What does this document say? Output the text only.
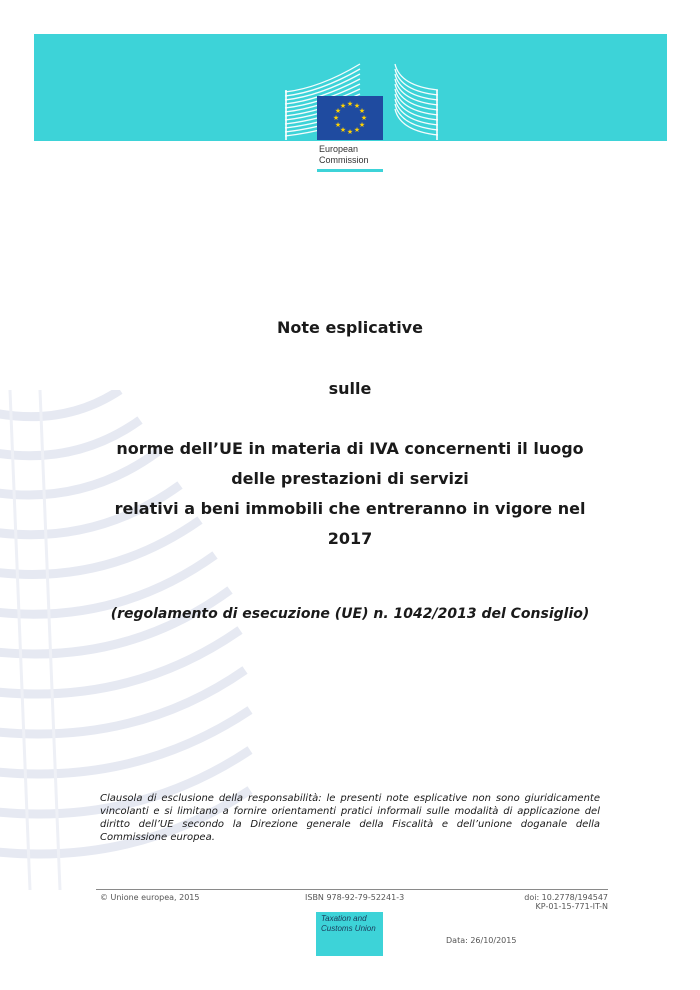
★ ★
★
★
★
★
★
★
★
★
★
★
European
Commission
Note esplicative
sulle
norme dell’UE in materia di IVA concernenti il luogo
delle prestazioni di servizi
relativi a beni immobili che entreranno in vigore nel
2017
(regolamento di esecuzione (UE) n. 1042/2013 del Consiglio)
Clausola di esclusione della responsabilità: le presenti note esplicative non sono giuridicamente vincolanti e si limitano a fornire orientamenti pratici informali sulle modalità di applicazione del diritto dell’UE secondo la Direzione generale della Fiscalità e dell’unione doganale della Commissione europea.
© Unione europea, 2015	ISBN 978-92-79-52241-3	doi: 10.2778/194547
KP-01-15-771-IT-N
Taxation and
Customs Union
Data: 26/10/2015
